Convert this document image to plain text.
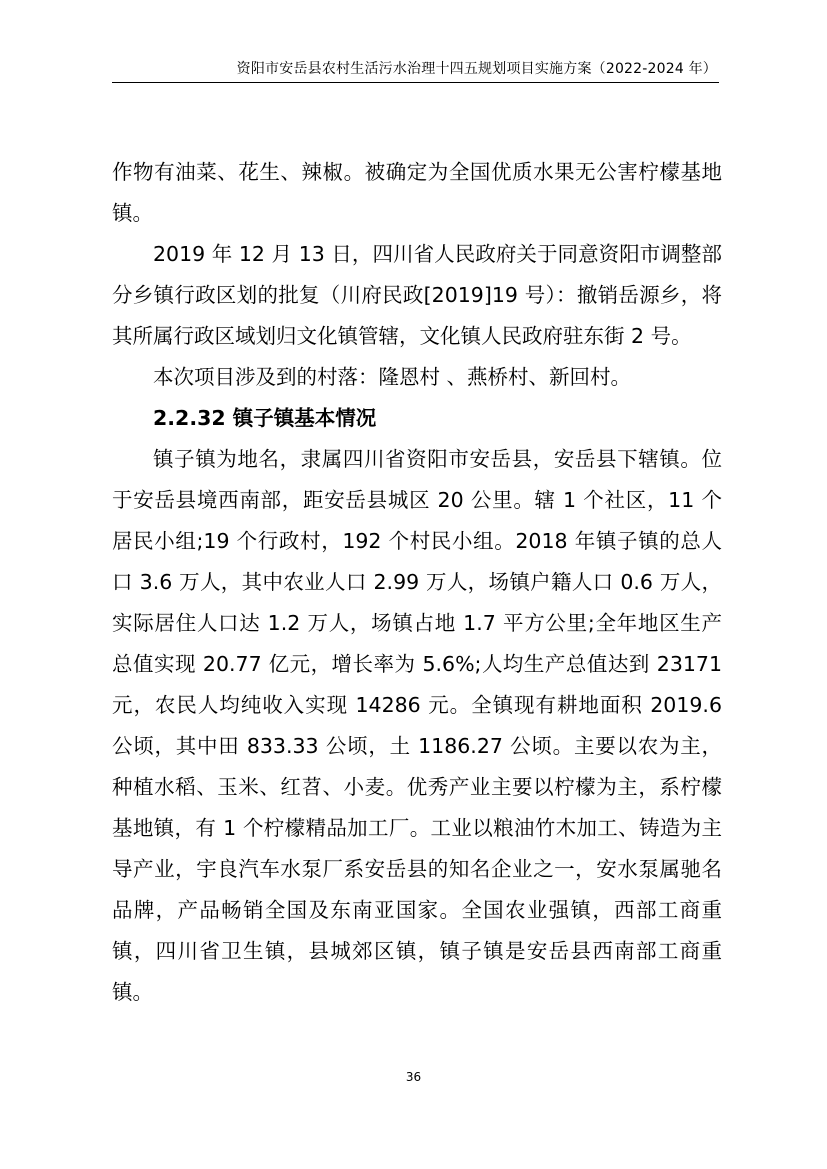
资阳市安岳县农村生活污水治理十四五规划项目实施方案（2022-2024 年）

作物有油菜、花生、辣椒。被确定为全国优质水果无公害柠檬基地镇。

2019 年 12 月 13 日，四川省人民政府关于同意资阳市调整部分乡镇行政区划的批复（川府民政[2019]19 号）：撤销岳源乡，将其所属行政区域划归文化镇管辖，文化镇人民政府驻东街 2 号。

本次项目涉及到的村落：隆恩村 、燕桥村、新回村。

2.2.32 镇子镇基本情况

镇子镇为地名，隶属四川省资阳市安岳县，安岳县下辖镇。位于安岳县境西南部，距安岳县城区 20 公里。辖 1 个社区，11 个居民小组;19 个行政村，192 个村民小组。2018 年镇子镇的总人口 3.6 万人，其中农业人口 2.99 万人，场镇户籍人口 0.6 万人，实际居住人口达 1.2 万人，场镇占地 1.7 平方公里;全年地区生产总值实现 20.77 亿元，增长率为 5.6%;人均生产总值达到 23171 元，农民人均纯收入实现 14286 元。全镇现有耕地面积 2019.6 公顷，其中田 833.33 公顷，土 1186.27 公顷。主要以农为主，种植水稻、玉米、红苕、小麦。优秀产业主要以柠檬为主，系柠檬基地镇，有 1 个柠檬精品加工厂。工业以粮油竹木加工、铸造为主导产业，宇良汽车水泵厂系安岳县的知名企业之一，安水泵属驰名品牌，产品畅销全国及东南亚国家。全国农业强镇，西部工商重镇，四川省卫生镇，县城郊区镇，镇子镇是安岳县西南部工商重镇。

36
